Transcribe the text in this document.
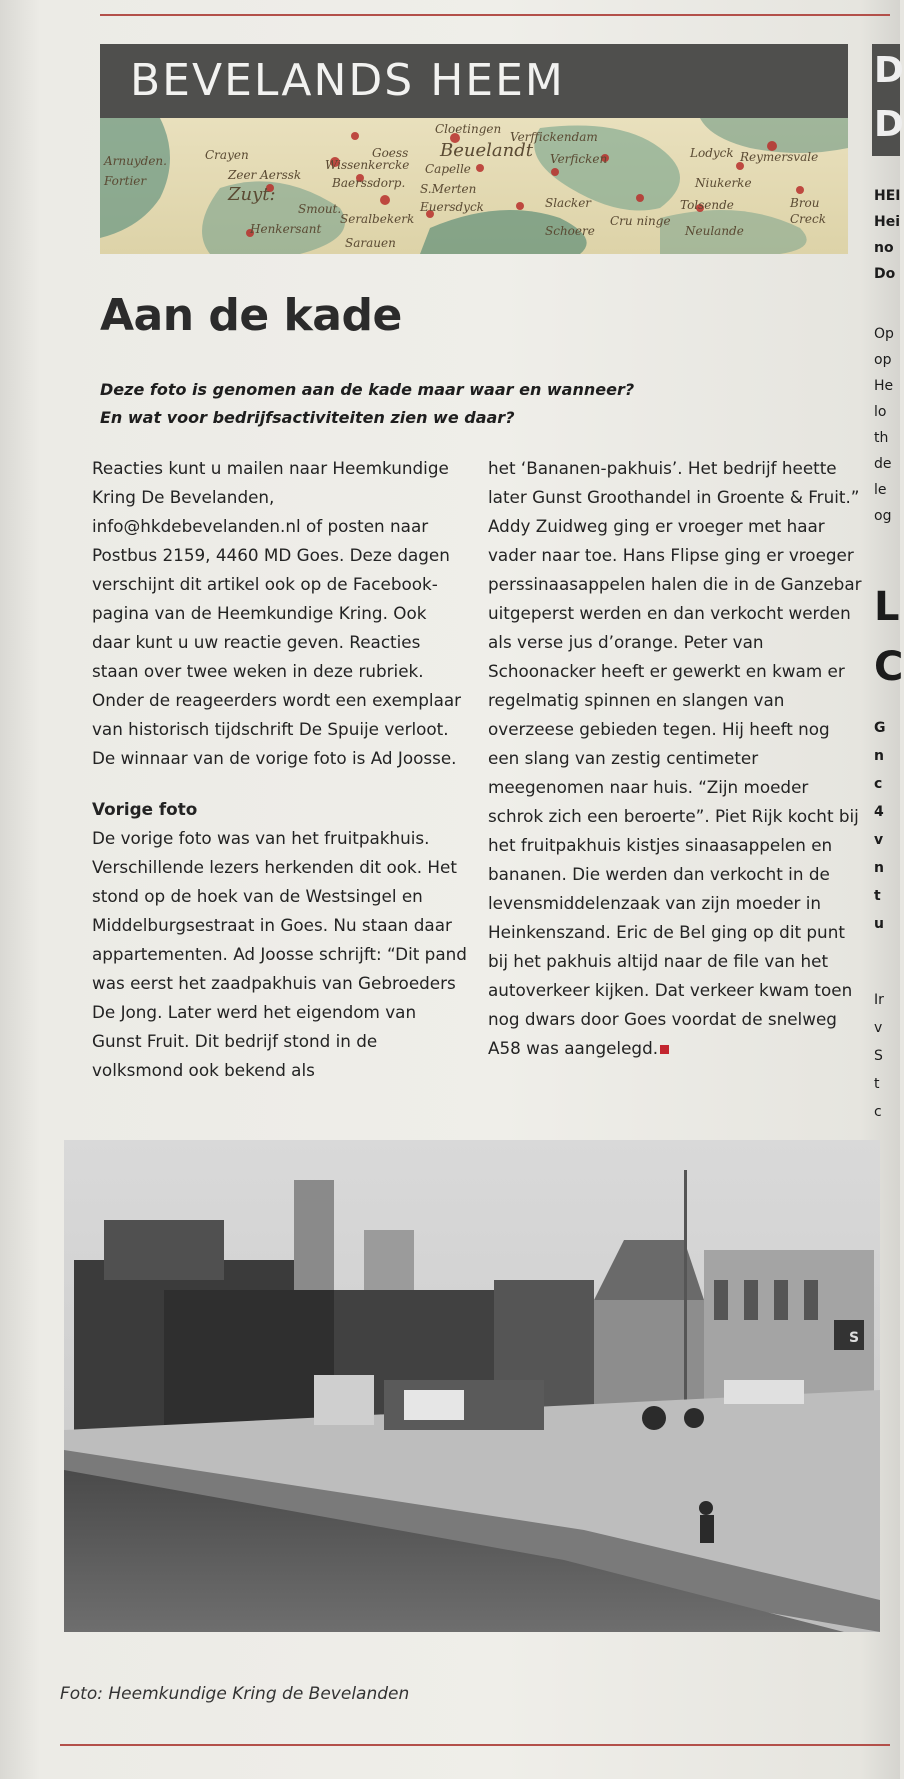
BEVELANDS HEEM
Arnuyden.
Fortier
Crayen
Zeer Aerssk
Zuyt:
Smout.
Henkersant
Wissenkercke
Goess
Baerssdorp.
Seralbekerk
Cloetingen
Beuelandt
Capelle
S.Merten
Euersdyck
Verffickendam
Verficken
Slacker
Schoere
Cru ninge
Lodyck Reymersvale
Niukerke
Tolsende
Neulande
Brou
Creck
Sarauen
D
D
HEI
Hei
no
Do
Op
op
He
lo
th
de
le
og
L
C
G
n
c
4
v
n
t
u
Ir
v
S
t
c
Aan de kade
Deze foto is genomen aan de kade maar waar en wanneer?
En wat voor bedrijfsactiviteiten zien we daar?

Reacties kunt u mailen naar Heemkundige Kring De Bevelanden, info@hkdebevelanden.nl of posten naar Postbus 2159, 4460 MD Goes. Deze dagen verschijnt dit artikel ook op de Facebook-pagina van de Heemkundige Kring. Ook daar kunt u uw reactie geven. Reacties staan over twee weken in deze rubriek. Onder de reageerders wordt een exemplaar van historisch tijdschrift De Spuije verloot. De winnaar van de vorige foto is Ad Joosse.

Vorige foto

De vorige foto was van het fruitpakhuis. Verschillende lezers herkenden dit ook. Het stond op de hoek van de Westsingel en Middelburgsestraat in Goes. Nu staan daar appartementen. Ad Joosse schrijft: “Dit pand was eerst het zaadpakhuis van Gebroeders De Jong. Later werd het eigendom van Gunst Fruit. Dit bedrijf stond in de volksmond ook bekend als

het ‘Bananen-pakhuis’. Het bedrijf heette later Gunst Groothandel in Groente & Fruit.”

Addy Zuidweg ging er vroeger met haar vader naar toe. Hans Flipse ging er vroeger perssinaasappelen halen die in de Ganzebar uitgeperst werden en dan verkocht werden als verse jus d’orange. Peter van Schoonacker heeft er gewerkt en kwam er regelmatig spinnen en slangen van overzeese gebieden tegen. Hij heeft nog een slang van zestig centimeter meegenomen naar huis. “Zijn moeder schrok zich een beroerte”. Piet Rijk kocht bij het fruitpakhuis kistjes sinaasappelen en bananen. Die werden dan verkocht in de levensmiddelenzaak van zijn moeder in Heinkenszand. Eric de Bel ging op dit punt bij het pakhuis altijd naar de file van het autoverkeer kijken. Dat verkeer kwam toen nog dwars door Goes voordat de snelweg A58 was aangelegd.

S
Foto: Heemkundige Kring de Bevelanden
